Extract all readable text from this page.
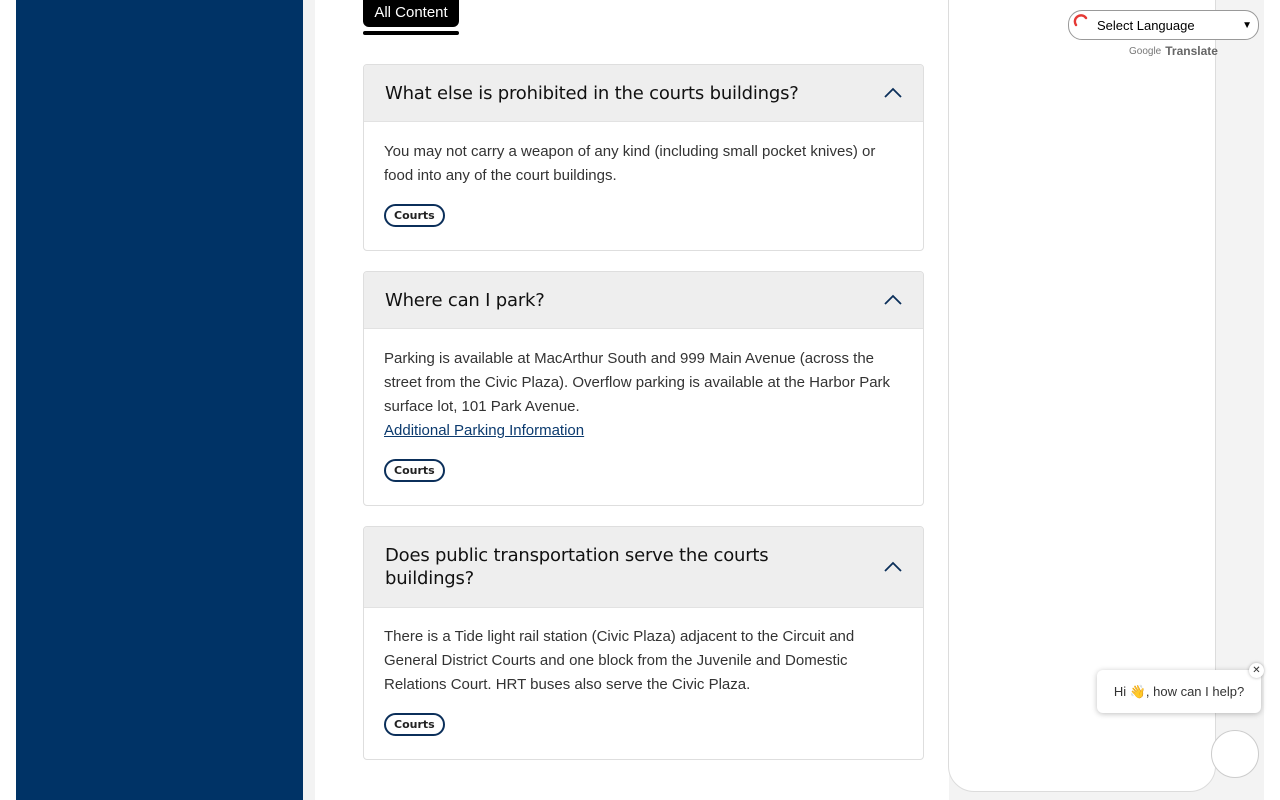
All Content
What else is prohibited in the courts buildings?
You may not carry a weapon of any kind (including small pocket knives) or food into any of the court buildings.
Courts
Where can I park?
Parking is available at MacArthur South and 999 Main Avenue (across the street from the Civic Plaza). Overflow parking is available at the Harbor Park surface lot, 101 Park Avenue.
Additional Parking Information
Courts
Does public transportation serve the courts buildings?
There is a Tide light rail station (Civic Plaza) adjacent to the Circuit and General District Courts and one block from the Juvenile and Domestic Relations Court. HRT buses also serve the Civic Plaza.
Courts
Select Language	▼
Google Translate
Hi 👋, how can I help?
✕
